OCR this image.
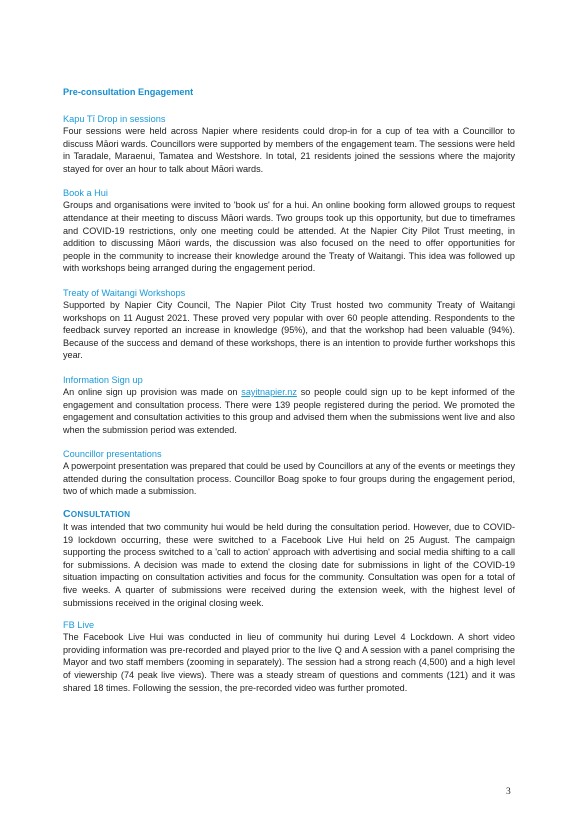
Pre-consultation Engagement
Kapu Tī Drop in sessions

Four sessions were held across Napier where residents could drop-in for a cup of tea with a Councillor to discuss Māori wards. Councillors were supported by members of the engagement team. The sessions were held in Taradale, Maraenui, Tamatea and Westshore. In total, 21 residents joined the sessions where the majority stayed for over an hour to talk about Māori wards.

Book a Hui

Groups and organisations were invited to 'book us' for a hui. An online booking form allowed groups to request attendance at their meeting to discuss Māori wards. Two groups took up this opportunity, but due to timeframes and COVID-19 restrictions, only one meeting could be attended. At the Napier City Pilot Trust meeting, in addition to discussing Māori wards, the discussion was also focused on the need to offer opportunities for people in the community to increase their knowledge around the Treaty of Waitangi. This idea was followed up with workshops being arranged during the engagement period.

Treaty of Waitangi Workshops

Supported by Napier City Council, The Napier Pilot City Trust hosted two community Treaty of Waitangi workshops on 11 August 2021. These proved very popular with over 60 people attending. Respondents to the feedback survey reported an increase in knowledge (95%), and that the workshop had been valuable (94%). Because of the success and demand of these workshops, there is an intention to provide further workshops this year.

Information Sign up

An online sign up provision was made on sayitnapier.nz so people could sign up to be kept informed of the engagement and consultation process. There were 139 people registered during the period. We promoted the engagement and consultation activities to this group and advised them when the submissions went live and also when the submission period was extended.

Councillor presentations

A powerpoint presentation was prepared that could be used by Councillors at any of the events or meetings they attended during the consultation process. Councillor Boag spoke to four groups during the engagement period, two of which made a submission.

CONSULTATION

It was intended that two community hui would be held during the consultation period. However, due to COVID-19 lockdown occurring, these were switched to a Facebook Live Hui held on 25 August. The campaign supporting the process switched to a 'call to action' approach with advertising and social media shifting to a call for submissions. A decision was made to extend the closing date for submissions in light of the COVID-19 situation impacting on consultation activities and focus for the community. Consultation was open for a total of five weeks. A quarter of submissions were received during the extension week, with the highest level of submissions received in the original closing week.

FB Live

The Facebook Live Hui was conducted in lieu of community hui during Level 4 Lockdown. A short video providing information was pre-recorded and played prior to the live Q and A session with a panel comprising the Mayor and two staff members (zooming in separately). The session had a strong reach (4,500) and a high level of viewership (74 peak live views). There was a steady stream of questions and comments (121) and it was shared 18 times. Following the session, the pre-recorded video was further promoted.

3
